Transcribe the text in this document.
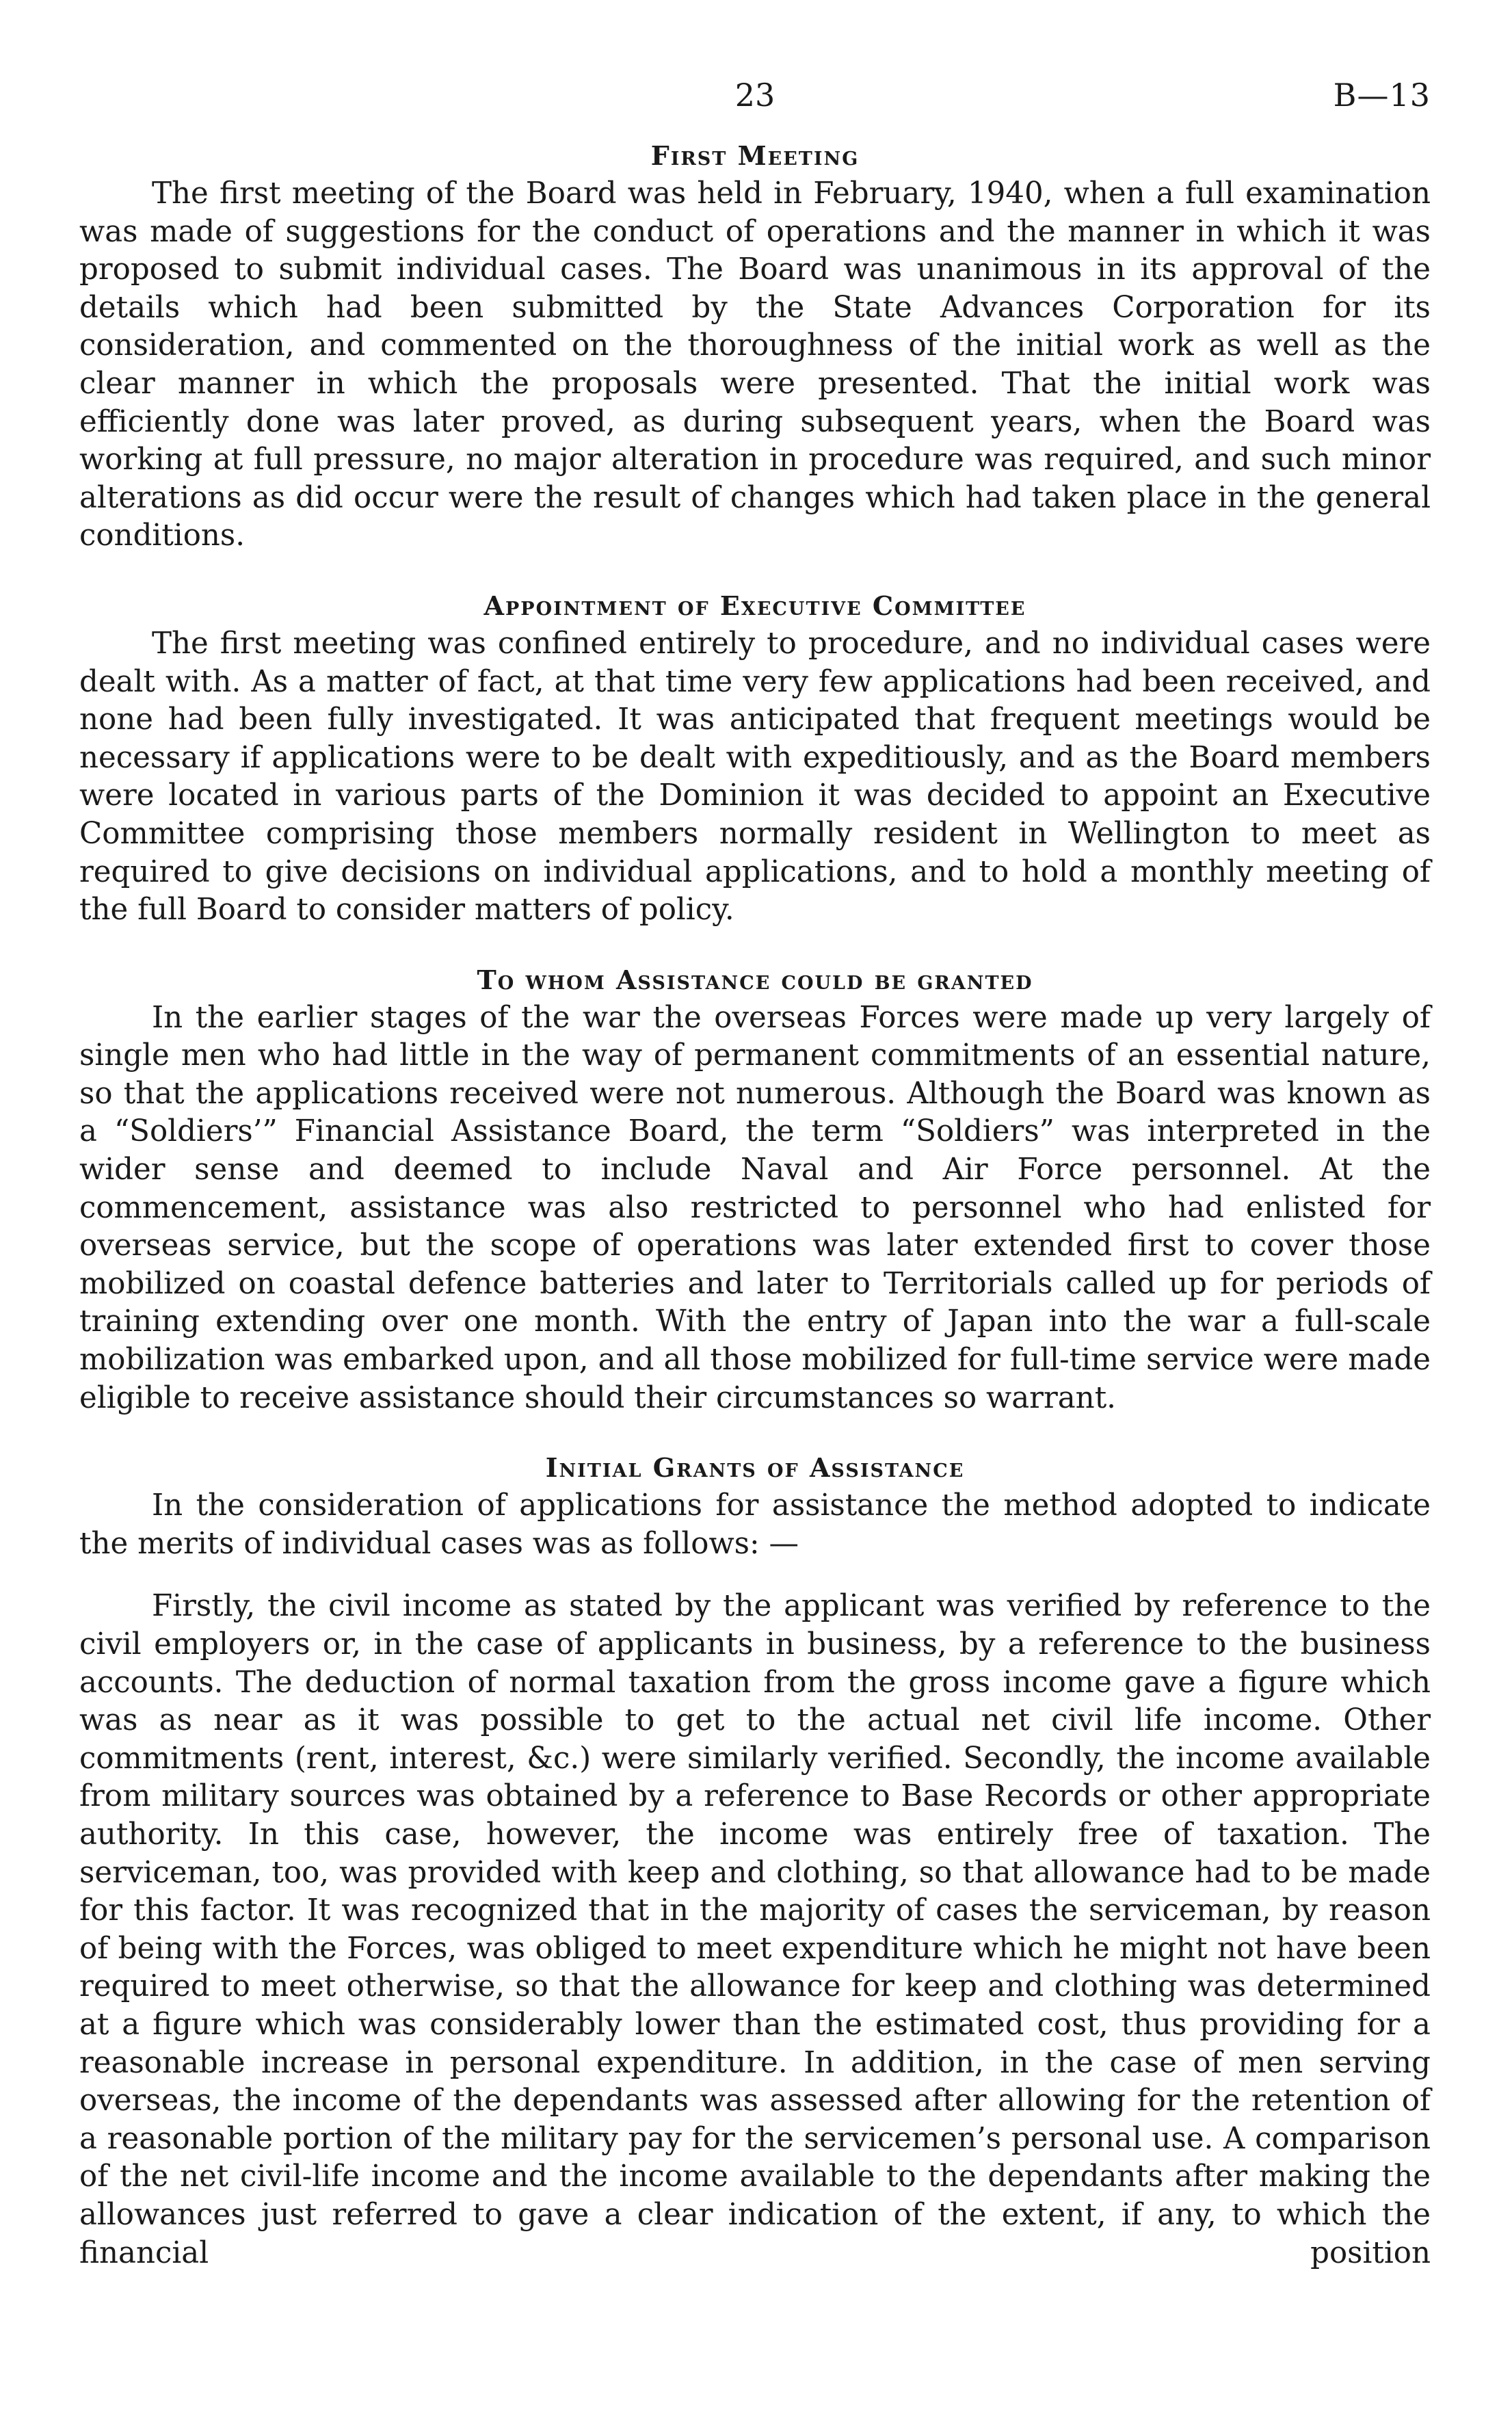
23	B—13
First Meeting

The first meeting of the Board was held in February, 1940, when a full examination was made of suggestions for the conduct of operations and the manner in which it was proposed to submit individual cases. The Board was unanimous in its approval of the details which had been submitted by the State Advances Corporation for its consideration, and commented on the thoroughness of the initial work as well as the clear manner in which the proposals were presented. That the initial work was efficiently done was later proved, as during subsequent years, when the Board was working at full pressure, no major alteration in procedure was required, and such minor alterations as did occur were the result of changes which had taken place in the general conditions.

Appointment of Executive Committee

The first meeting was confined entirely to procedure, and no individual cases were dealt with. As a matter of fact, at that time very few applications had been received, and none had been fully investigated. It was anticipated that frequent meetings would be necessary if applications were to be dealt with expeditiously, and as the Board members were located in various parts of the Dominion it was decided to appoint an Executive Committee comprising those members normally resident in Wellington to meet as required to give decisions on individual applications, and to hold a monthly meeting of the full Board to consider matters of policy.

To whom Assistance could be granted

In the earlier stages of the war the overseas Forces were made up very largely of single men who had little in the way of permanent commitments of an essential nature, so that the applications received were not numerous. Although the Board was known as a “Soldiers’” Financial Assistance Board, the term “Soldiers” was interpreted in the wider sense and deemed to include Naval and Air Force personnel. At the commencement, assistance was also restricted to personnel who had enlisted for overseas service, but the scope of operations was later extended first to cover those mobilized on coastal defence batteries and later to Territorials called up for periods of training extending over one month. With the entry of Japan into the war a full-scale mobilization was embarked upon, and all those mobilized for full-time service were made eligible to receive assistance should their circumstances so warrant.

Initial Grants of Assistance

In the consideration of applications for assistance the method adopted to indicate the merits of individual cases was as follows: —

Firstly, the civil income as stated by the applicant was verified by reference to the civil employers or, in the case of applicants in business, by a reference to the business accounts. The deduction of normal taxation from the gross income gave a figure which was as near as it was possible to get to the actual net civil life income. Other commitments (rent, interest, &c.) were similarly verified. Secondly, the income available from military sources was obtained by a reference to Base Records or other appropriate authority. In this case, however, the income was entirely free of taxation. The serviceman, too, was provided with keep and clothing, so that allowance had to be made for this factor. It was recognized that in the majority of cases the serviceman, by reason of being with the Forces, was obliged to meet expenditure which he might not have been required to meet otherwise, so that the allowance for keep and clothing was determined at a figure which was considerably lower than the estimated cost, thus providing for a reasonable increase in personal expenditure. In addition, in the case of men serving overseas, the income of the dependants was assessed after allowing for the retention of a reasonable portion of the military pay for the servicemen’s personal use. A comparison of the net civil-life income and the income available to the dependants after making the allowances just referred to gave a clear indication of the extent, if any, to which the financial position
